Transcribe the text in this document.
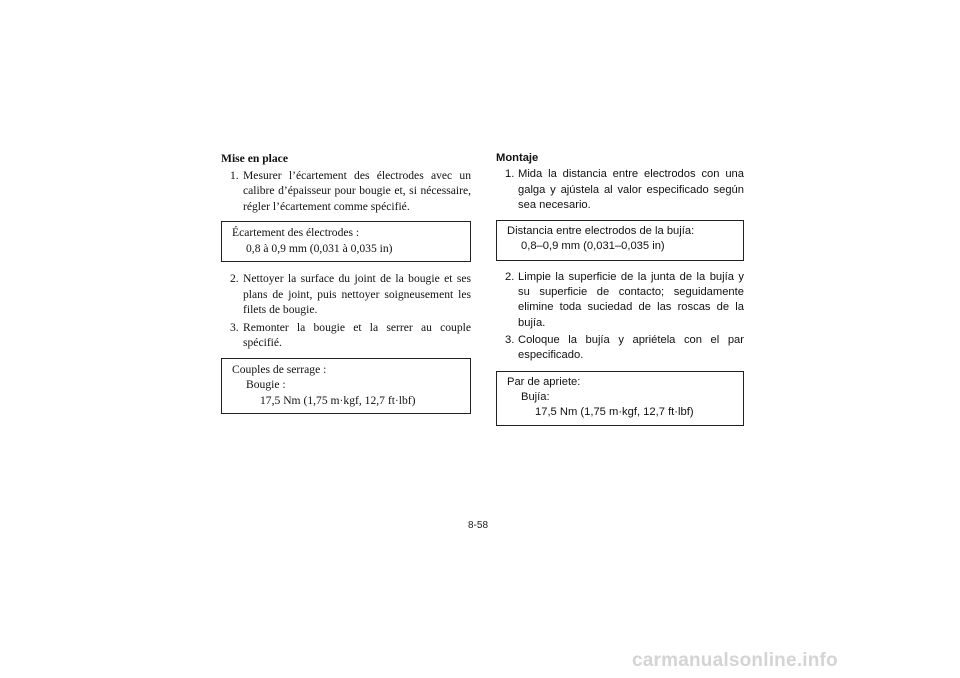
Mise en place
1. Mesurer l’écartement des électrodes avec un calibre d’épaisseur pour bougie et, si nécessaire, régler l’écartement comme spécifié.
Écartement des électrodes :
0,8 à 0,9 mm (0,031 à 0,035 in)
2. Nettoyer la surface du joint de la bougie et ses plans de joint, puis nettoyer soigneusement les filets de bougie.
3. Remonter la bougie et la serrer au couple spécifié.
Couples de serrage :
Bougie :
17,5 Nm (1,75 m·kgf, 12,7 ft·lbf)
Montaje
1. Mida la distancia entre electrodos con una galga y ajústela al valor especificado según sea necesario.
Distancia entre electrodos de la bujía:
0,8–0,9 mm (0,031–0,035 in)
2. Limpie la superficie de la junta de la bujía y su superficie de contacto; seguidamente elimine toda suciedad de las roscas de la bujía.
3. Coloque la bujía y apriétela con el par especificado.
Par de apriete:
Bujía:
17,5 Nm (1,75 m·kgf, 12,7 ft·lbf)
8-58
carmanualsonline.info
